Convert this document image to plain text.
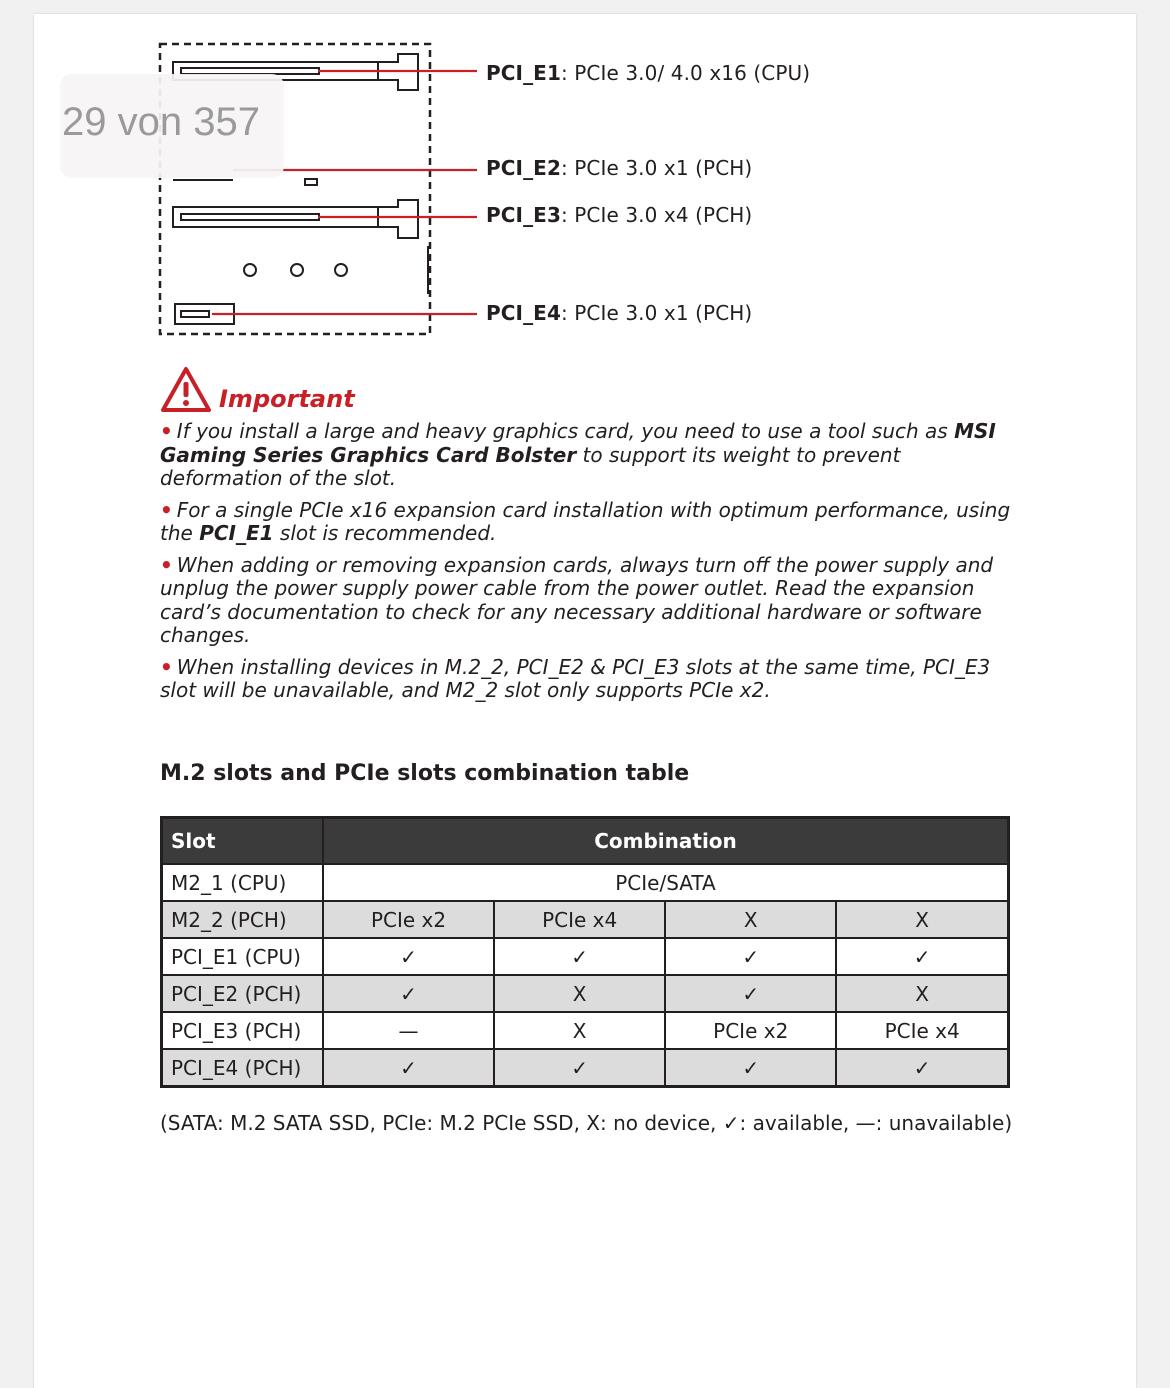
PCI_E1: PCIe 3.0/ 4.0 x16 (CPU)
PCI_E2: PCIe 3.0 x1 (PCH)
PCI_E3: PCIe 3.0 x4 (PCH)
PCI_E4: PCIe 3.0 x1 (PCH)
29 von 357
Important
• If you install a large and heavy graphics card, you need to use a tool such as MSI Gaming Series Graphics Card Bolster to support its weight to prevent deformation of the slot.
• For a single PCIe x16 expansion card installation with optimum performance, using the PCI_E1 slot is recommended.
• When adding or removing expansion cards, always turn off the power supply and unplug the power supply power cable from the power outlet. Read the expansion card’s documentation to check for any necessary additional hardware or software changes.
• When installing devices in M.2_2, PCI_E2 & PCI_E3 slots at the same time, PCI_E3 slot will be unavailable, and M2_2 slot only supports PCIe x2.
M.2 slots and PCIe slots combination table
Slot	Combination			
M2_1 (CPU)	PCIe/SATA			
M2_2 (PCH)	PCIe x2	PCIe x4	X	X
PCI_E1 (CPU)	✓	✓	✓	✓
PCI_E2 (PCH)	✓	X	✓	X
PCI_E3 (PCH)	—	X	PCIe x2	PCIe x4
PCI_E4 (PCH)	✓	✓	✓	✓
(SATA: M.2 SATA SSD, PCIe: M.2 PCIe SSD, X: no device, ✓: available, —: unavailable)
